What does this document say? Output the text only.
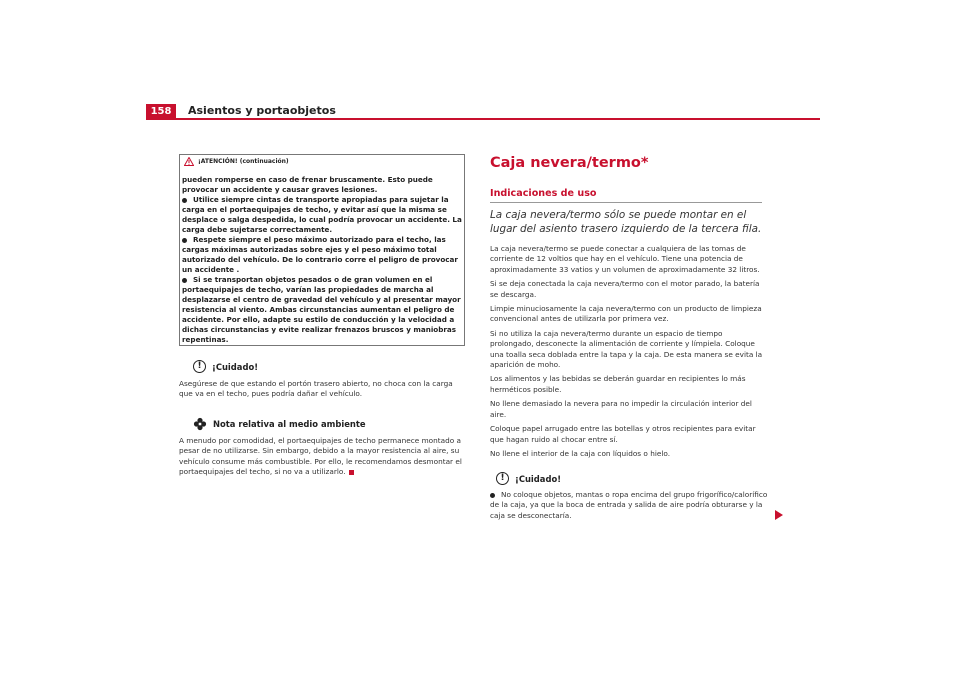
158	Asientos y portaobjetos
¡ATENCIÓN! (continuación)

pueden romperse en caso de frenar bruscamente. Esto puede provocar un accidente y causar graves lesiones.

Utilice siempre cintas de transporte apropiadas para sujetar la carga en el portaequipajes de techo, y evitar así que la misma se desplace o salga despedida, lo cual podría provocar un accidente. La carga debe sujetarse correctamente.

Respete siempre el peso máximo autorizado para el techo, las cargas máximas autorizadas sobre ejes y el peso máximo total autorizado del vehículo. De lo contrario corre el peligro de provocar un accidente .

Si se transportan objetos pesados o de gran volumen en el portaequipajes de techo, varían las propiedades de marcha al desplazarse el centro de gravedad del vehículo y al presentar mayor resistencia al viento. Ambas circunstancias aumentan el peligro de accidente. Por ello, adapte su estilo de conducción y la velocidad a dichas circunstancias y evite realizar frenazos bruscos y maniobras repentinas.

!	¡Cuidado!

Asegúrese de que estando el portón trasero abierto, no choca con la carga que va en el techo, pues podría dañar el vehículo.

Nota relativa al medio ambiente

A menudo por comodidad, el portaequipajes de techo permanece montado a pesar de no utilizarse. Sin embargo, debido a la mayor resistencia al aire, su vehículo consume más combustible. Por ello, le recomendamos desmontar el portaequipajes del techo, si no va a utilizarlo.

Caja nevera/termo*
Indicaciones de uso
La caja nevera/termo sólo se puede montar en el lugar del asiento trasero izquierdo de la tercera fila.

La caja nevera/termo se puede conectar a cualquiera de las tomas de corriente de 12 voltios que hay en el vehículo. Tiene una potencia de aproximadamente 33 vatios y un volumen de aproximadamente 32 litros.

Si se deja conectada la caja nevera/termo con el motor parado, la batería se descarga.

Limpie minuciosamente la caja nevera/termo con un producto de limpieza convencional antes de utilizarla por primera vez.

Si no utiliza la caja nevera/termo durante un espacio de tiempo prolongado, desconecte la alimentación de corriente y límpiela. Coloque una toalla seca doblada entre la tapa y la caja. De esta manera se evita la aparición de moho.

Los alimentos y las bebidas se deberán guardar en recipientes lo más herméticos posible.

No llene demasiado la nevera para no impedir la circulación interior del aire.

Coloque papel arrugado entre las botellas y otros recipientes para evitar que hagan ruido al chocar entre sí.

No llene el interior de la caja con líquidos o hielo.

!	¡Cuidado!

No coloque objetos, mantas o ropa encima del grupo frigorífico/calorífico de la caja, ya que la boca de entrada y salida de aire podría obturarse y la caja se desconectaría.
